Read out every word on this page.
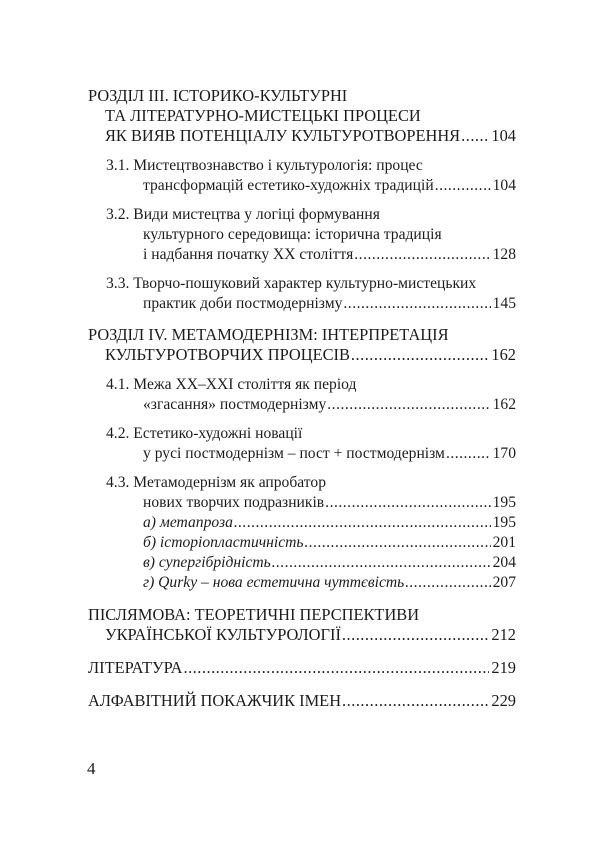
РОЗДІЛ ІІІ. ІСТОРИКО-КУЛЬТУРНІ
ТА ЛІТЕРАТУРНО-МИСТЕЦЬКІ ПРОЦЕСИ
ЯК ВИЯВ ПОТЕНЦІАЛУ КУЛЬТУРОТВОРЕННЯ ..... 104
3.1. Мистецтвознавство і культурологія: процес
трансформацій естетико-художніх традицій .....	104
3.2. Види мистецтва у логіці формування
культурного середовища: історична традиція
і надбання початку ХХ століття .....	128
3.3. Творчо-пошуковий характер культурно-мистецьких
практик доби постмодернізму .....	145
РОЗДІЛ IV. МЕТАМОДЕРНІЗМ: ІНТЕРПРЕТАЦІЯ
КУЛЬТУРОТВОРЧИХ ПРОЦЕСІВ .....	162
4.1. Межа ХХ–ХХІ століття як період
«згасання» постмодернізму .....	162
4.2. Естетико-художні новації
у русі постмодернізм – пост + постмодернізм .....	170
4.3. Метамодернізм як апробатор
нових творчих подразників .....	195
а) метапроза .....	195
б) історіопластичність .....	201
в) супергібрідність .....	204
г) Qurky – нова естетична чуттєвість .....	207
ПІСЛЯМОВА: ТЕОРЕТИЧНІ ПЕРСПЕКТИВИ
УКРАЇНСЬКОЇ КУЛЬТУРОЛОГІЇ .....	212
ЛІТЕРАТУРА .....	219
АЛФАВІТНИЙ ПОКАЖЧИК ІМЕН .....	229
4
